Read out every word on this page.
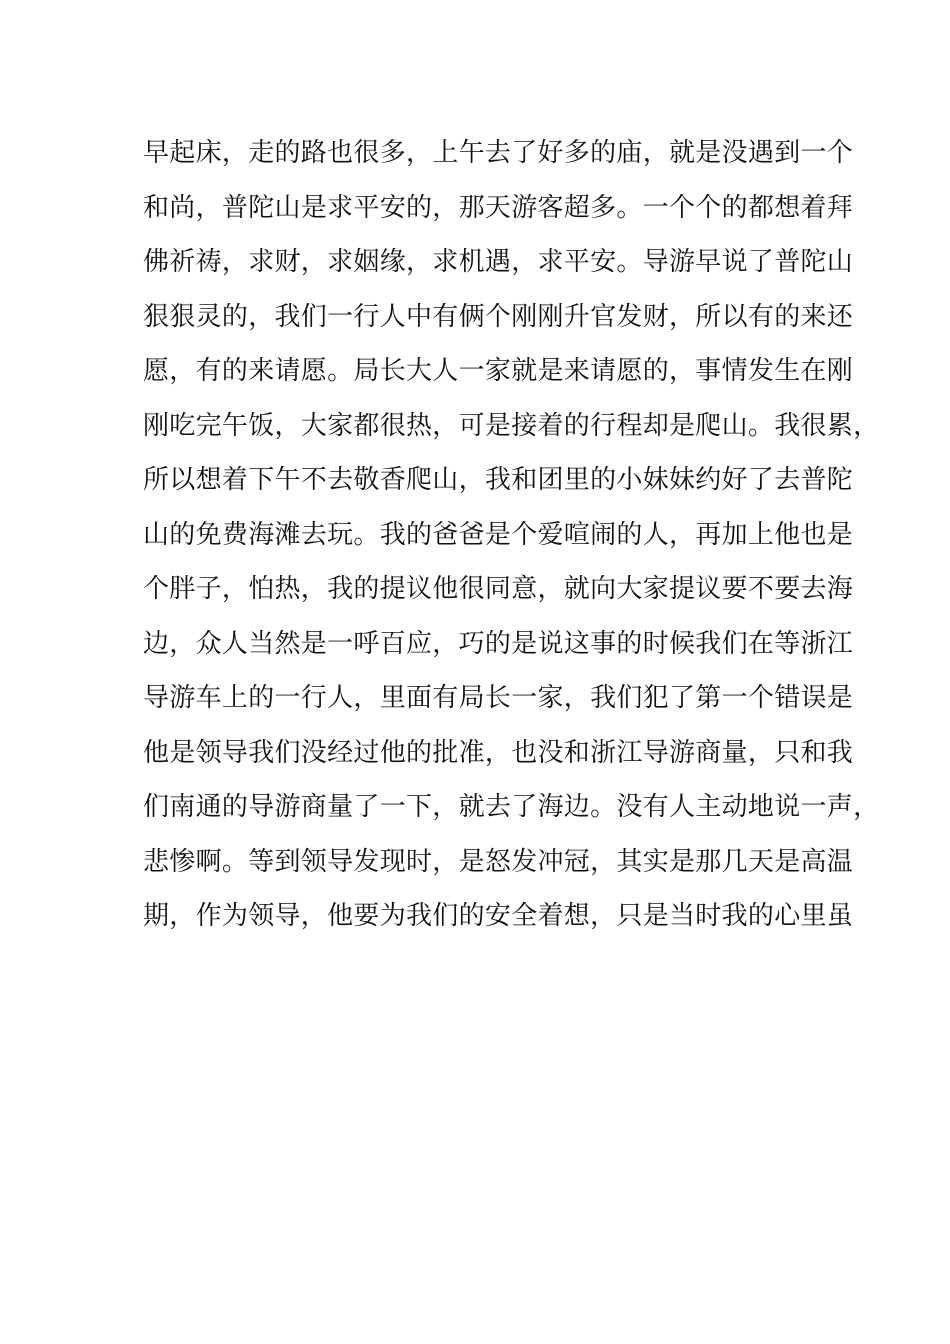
早起床，走的路也很多，上午去了好多的庙，就是没遇到一个
和尚，普陀山是求平安的，那天游客超多。一个个的都想着拜
佛祈祷，求财，求姻缘，求机遇，求平安。导游早说了普陀山
狠狠灵的，我们一行人中有俩个刚刚升官发财，所以有的来还
愿，有的来请愿。局长大人一家就是来请愿的，事情发生在刚
刚吃完午饭，大家都很热，可是接着的行程却是爬山。我很累，
所以想着下午不去敬香爬山，我和团里的小妹妹约好了去普陀
山的免费海滩去玩。我的爸爸是个爱喧闹的人，再加上他也是
个胖子，怕热，我的提议他很同意，就向大家提议要不要去海
边，众人当然是一呼百应，巧的是说这事的时候我们在等浙江
导游车上的一行人，里面有局长一家，我们犯了第一个错误是
他是领导我们没经过他的批准，也没和浙江导游商量，只和我
们南通的导游商量了一下，就去了海边。没有人主动地说一声，
悲惨啊。等到领导发现时，是怒发冲冠，其实是那几天是高温
期，作为领导，他要为我们的安全着想，只是当时我的心里虽
